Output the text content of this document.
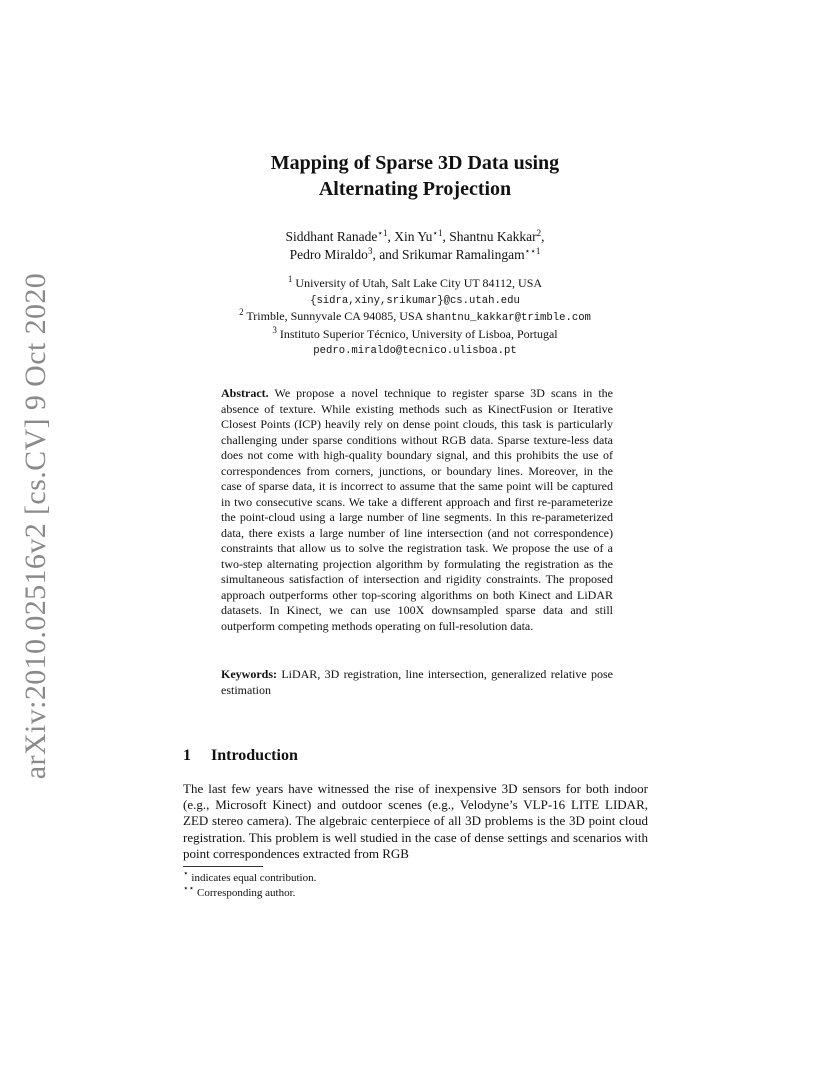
arXiv:2010.02516v2 [cs.CV] 9 Oct 2020
Mapping of Sparse 3D Data using
Alternating Projection
Siddhant Ranade$^{⋆1}$, Xin $Yu^{⋆1}$, Shantnu Kakkar$^2$,
Pedro Miraldo$^3$, and Srikumar Ramalingam$^{⋆⋆1}$
$^1$ University of Utah, Salt Lake City UT 84112, USA
{sidra,xiny,srikumar}@cs.utah.edu
$^2$ Trimble, Sunnyvale CA 94085, USA shantnu_kakkar@trimble.com
$^3$ Instituto Superior Técnico, University of Lisboa, Portugal
pedro.miraldo@tecnico.ulisboa.pt
Abstract. We propose a novel technique to register sparse 3D scans in the absence of texture. While existing methods such as KinectFusion or Iterative Closest Points (ICP) heavily rely on dense point clouds, this task is particularly challenging under sparse conditions without RGB data. Sparse texture-less data does not come with high-quality boundary signal, and this prohibits the use of correspondences from corners, junctions, or boundary lines. Moreover, in the case of sparse data, it is incorrect to assume that the same point will be captured in two consecutive scans. We take a different approach and first re-parameterize the point-cloud using a large number of line segments. In this re-parameterized data, there exists a large number of line intersection (and not correspondence) constraints that allow us to solve the registration task. We propose the use of a two-step alternating projection algorithm by formulating the registration as the simultaneous satisfaction of intersection and rigidity constraints. The proposed approach outperforms other top-scoring algorithms on both Kinect and LiDAR datasets. In Kinect, we can use 100X downsampled sparse data and still outperform competing methods operating on full-resolution data.
Keywords: LiDAR, 3D registration, line intersection, generalized relative pose estimation
1 Introduction
The last few years have witnessed the rise of inexpensive 3D sensors for both indoor (e.g., Microsoft Kinect) and outdoor scenes (e.g., Velodyne’s VLP-16 LITE LIDAR, ZED stereo camera). The algebraic centerpiece of all 3D problems is the 3D point cloud registration. This problem is well studied in the case of dense settings and scenarios with point correspondences extracted from RGB
⋆ indicates equal contribution.
⋆⋆ Corresponding author.
